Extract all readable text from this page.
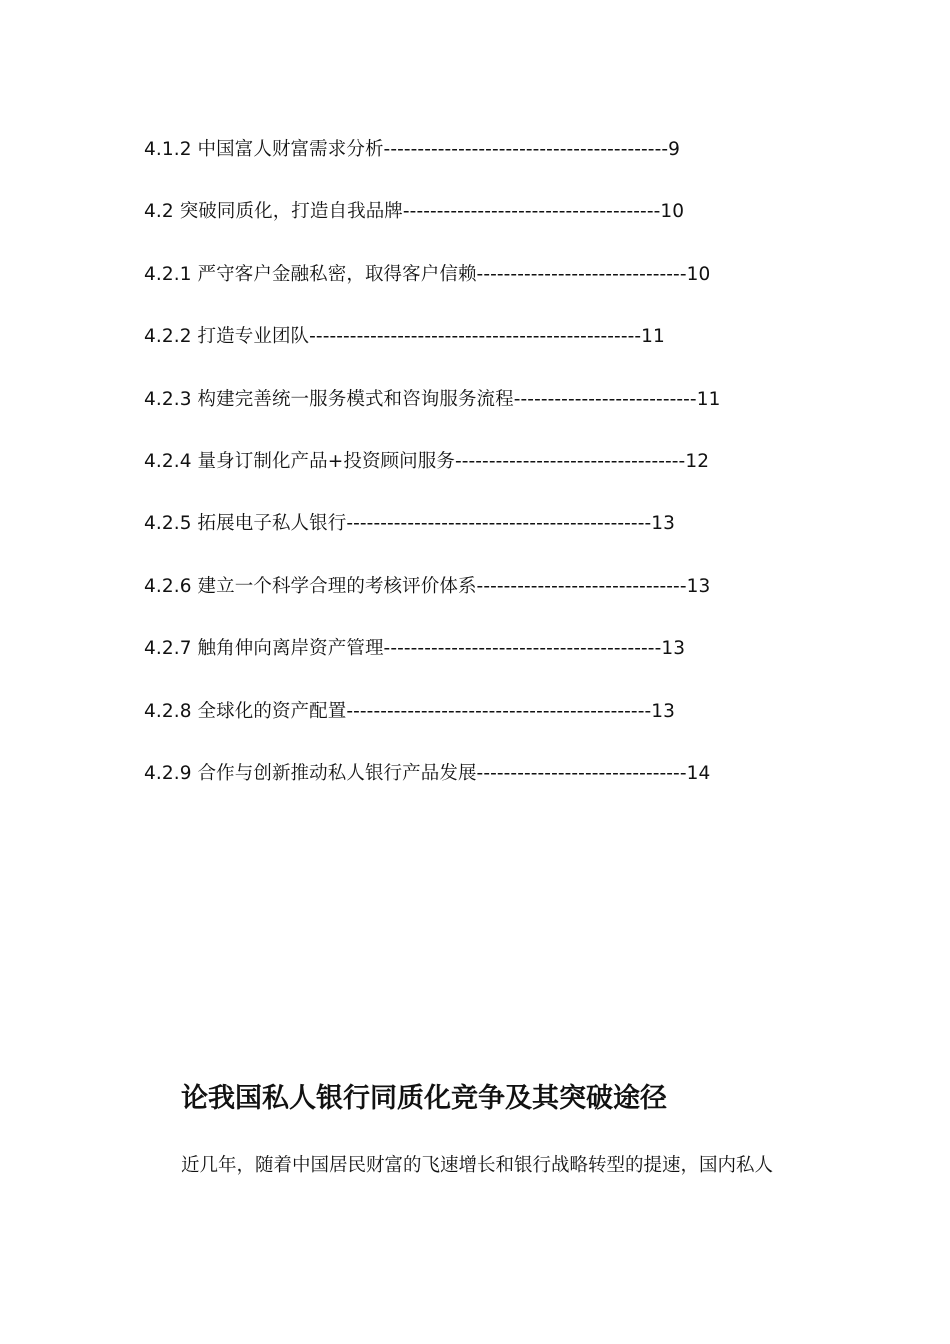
4.1.2 中国富人财富需求分析------------------------------------------9
4.2 突破同质化，打造自我品牌--------------------------------------10
4.2.1 严守客户金融私密，取得客户信赖-------------------------------10
4.2.2 打造专业团队-------------------------------------------------11
4.2.3 构建完善统一服务模式和咨询服务流程---------------------------11
4.2.4 量身订制化产品+投资顾问服务----------------------------------12
4.2.5 拓展电子私人银行---------------------------------------------13
4.2.6 建立一个科学合理的考核评价体系-------------------------------13
4.2.7 触角伸向离岸资产管理-----------------------------------------13
4.2.8 全球化的资产配置---------------------------------------------13
4.2.9 合作与创新推动私人银行产品发展-------------------------------14
论我国私人银行同质化竞争及其突破途径
近几年，随着中国居民财富的飞速增长和银行战略转型的提速，国内私人
